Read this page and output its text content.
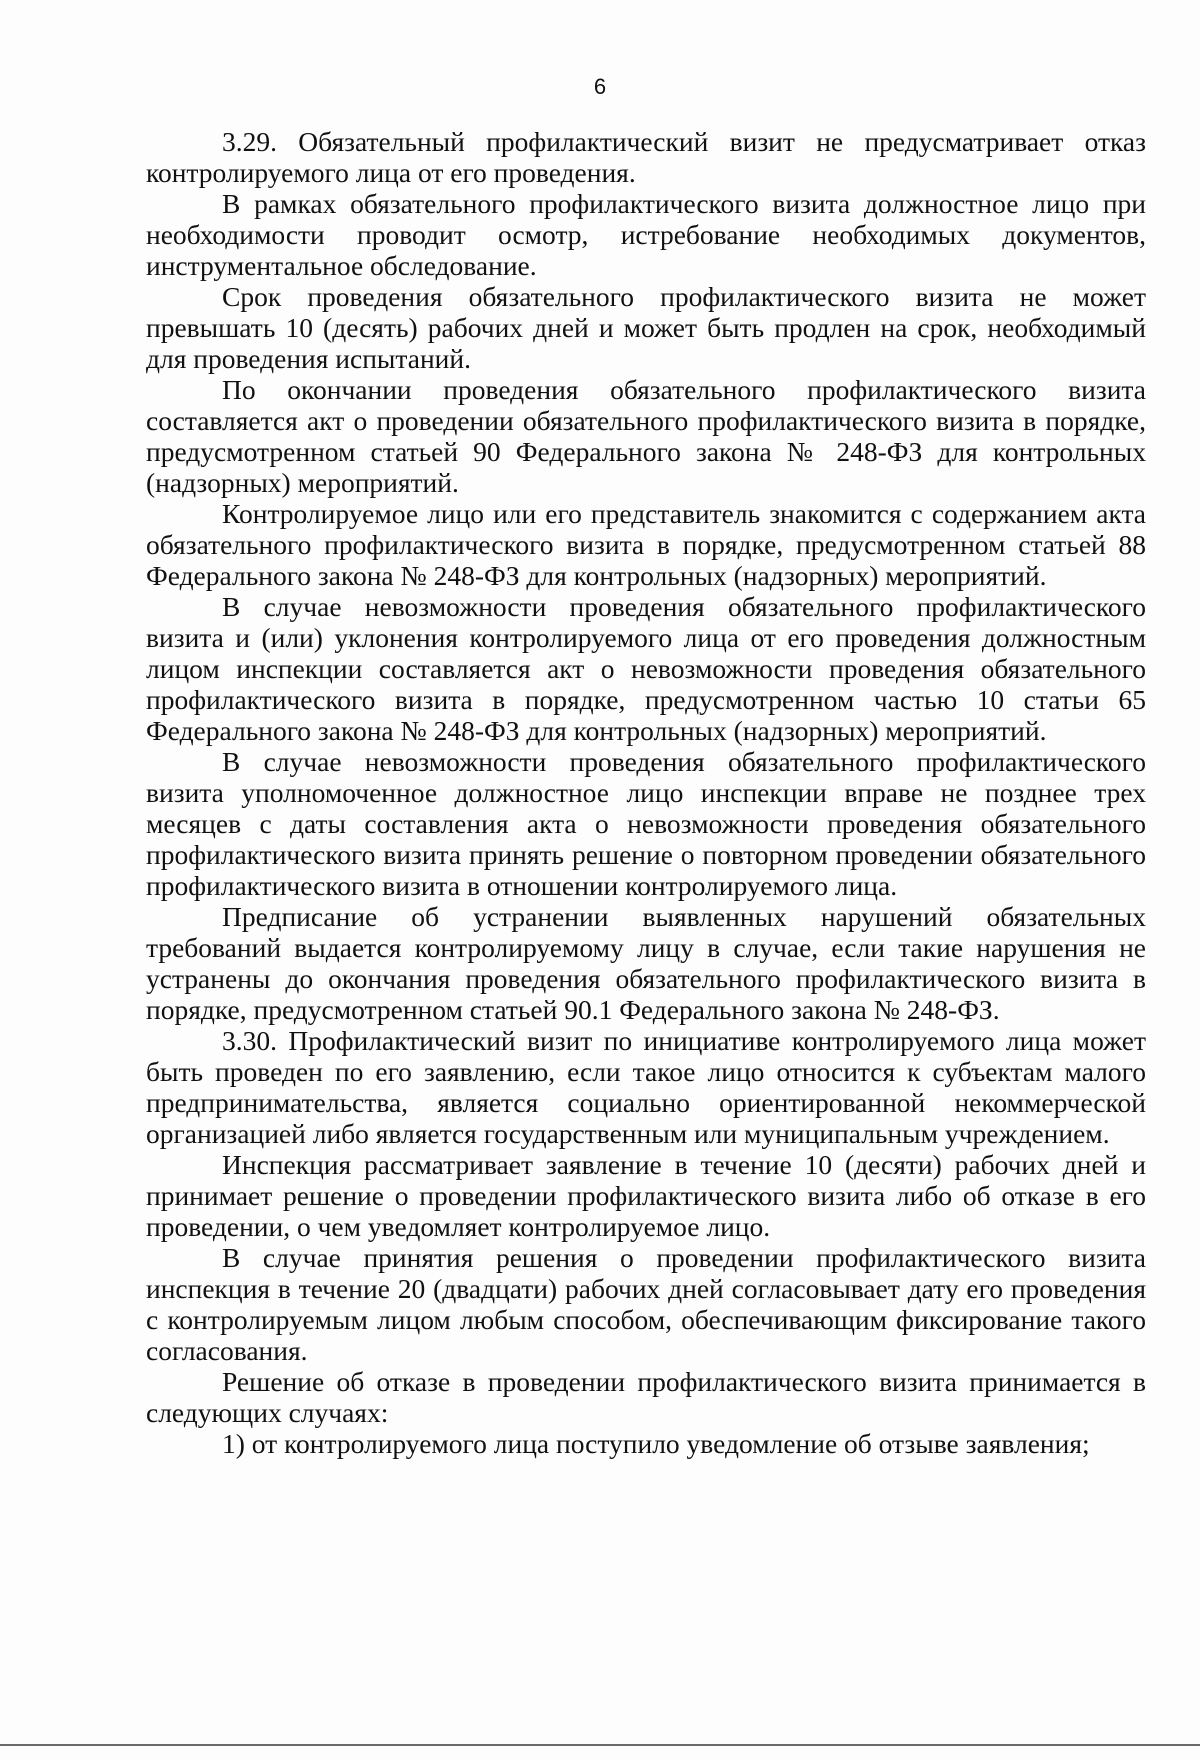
6

3.29. Обязательный профилактический визит не предусматривает отказ контролируемого лица от его проведения.

В рамках обязательного профилактического визита должностное лицо при необходимости проводит осмотр, истребование необходимых документов, инструментальное обследование.

Срок проведения обязательного профилактического визита не может превышать 10 (десять) рабочих дней и может быть продлен на срок, необходимый для проведения испытаний.

По окончании проведения обязательного профилактического визита составляется акт о проведении обязательного профилактического визита в порядке, предусмотренном статьей 90 Федерального закона № 248-ФЗ для контрольных (надзорных) мероприятий.

Контролируемое лицо или его представитель знакомится с содержанием акта обязательного профилактического визита в порядке, предусмотренном статьей 88 Федерального закона № 248-ФЗ для контрольных (надзорных) мероприятий.

В случае невозможности проведения обязательного профилактического визита и (или) уклонения контролируемого лица от его проведения должностным лицом инспекции составляется акт о невозможности проведения обязательного профилактического визита в порядке, предусмотренном частью 10 статьи 65 Федерального закона № 248-ФЗ для контрольных (надзорных) мероприятий.

В случае невозможности проведения обязательного профилактического визита уполномоченное должностное лицо инспекции вправе не позднее трех месяцев с даты составления акта о невозможности проведения обязательного профилактического визита принять решение о повторном проведении обязательного профилактического визита в отношении контролируемого лица.

Предписание об устранении выявленных нарушений обязательных требований выдается контролируемому лицу в случае, если такие нарушения не устранены до окончания проведения обязательного профилактического визита в порядке, предусмотренном статьей 90.1 Федерального закона № 248-ФЗ.

3.30. Профилактический визит по инициативе контролируемого лица может быть проведен по его заявлению, если такое лицо относится к субъектам малого предпринимательства, является социально ориентированной некоммерческой организацией либо является государственным или муниципальным учреждением.

Инспекция рассматривает заявление в течение 10 (десяти) рабочих дней и принимает решение о проведении профилактического визита либо об отказе в его проведении, о чем уведомляет контролируемое лицо.

В случае принятия решения о проведении профилактического визита инспекция в течение 20 (двадцати) рабочих дней согласовывает дату его проведения с контролируемым лицом любым способом, обеспечивающим фиксирование такого согласования.

Решение об отказе в проведении профилактического визита принимается в следующих случаях:

1) от контролируемого лица поступило уведомление об отзыве заявления;
